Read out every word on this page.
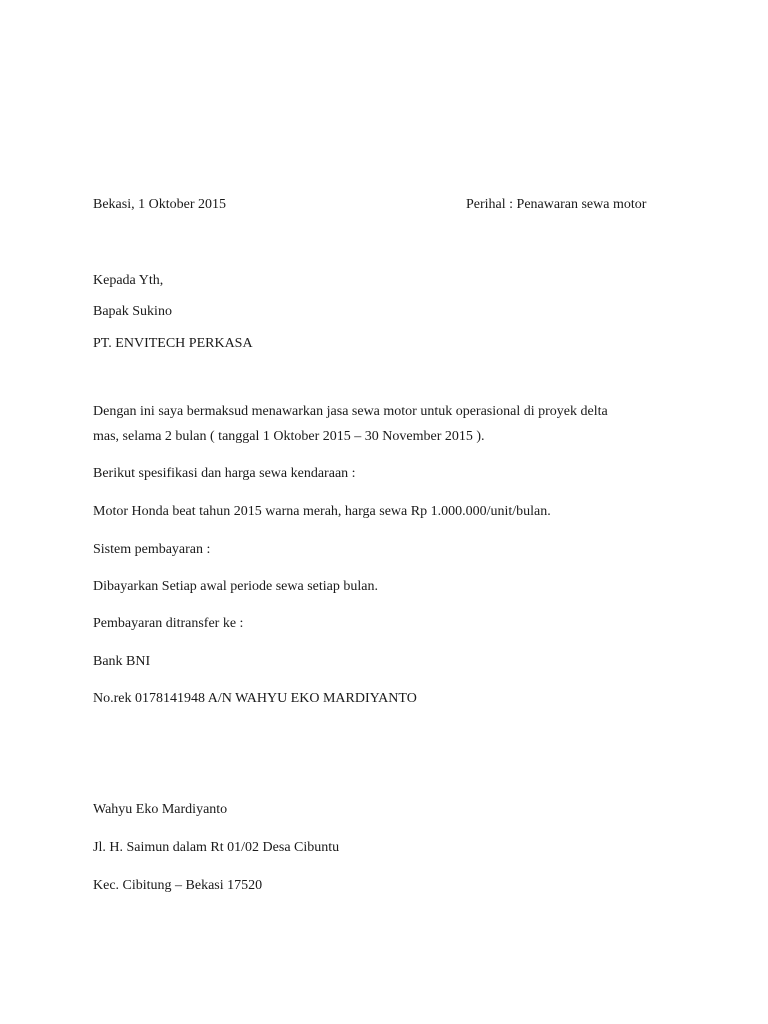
Bekasi, 1 Oktober 2015	Perihal : Penawaran sewa motor
Kepada Yth,
Bapak Sukino
PT. ENVITECH PERKASA
Dengan ini saya bermaksud menawarkan jasa sewa motor untuk operasional di proyek delta
mas, selama 2 bulan ( tanggal 1 Oktober 2015 – 30 November 2015 ).
Berikut spesifikasi dan harga sewa kendaraan :
Motor Honda beat tahun 2015 warna merah, harga sewa Rp 1.000.000/unit/bulan.
Sistem pembayaran :
Dibayarkan Setiap awal periode sewa setiap bulan.
Pembayaran ditransfer ke :
Bank BNI
No.rek 0178141948 A/N WAHYU EKO MARDIYANTO
Wahyu Eko Mardiyanto
Jl. H. Saimun dalam Rt 01/02 Desa Cibuntu
Kec. Cibitung – Bekasi 17520
